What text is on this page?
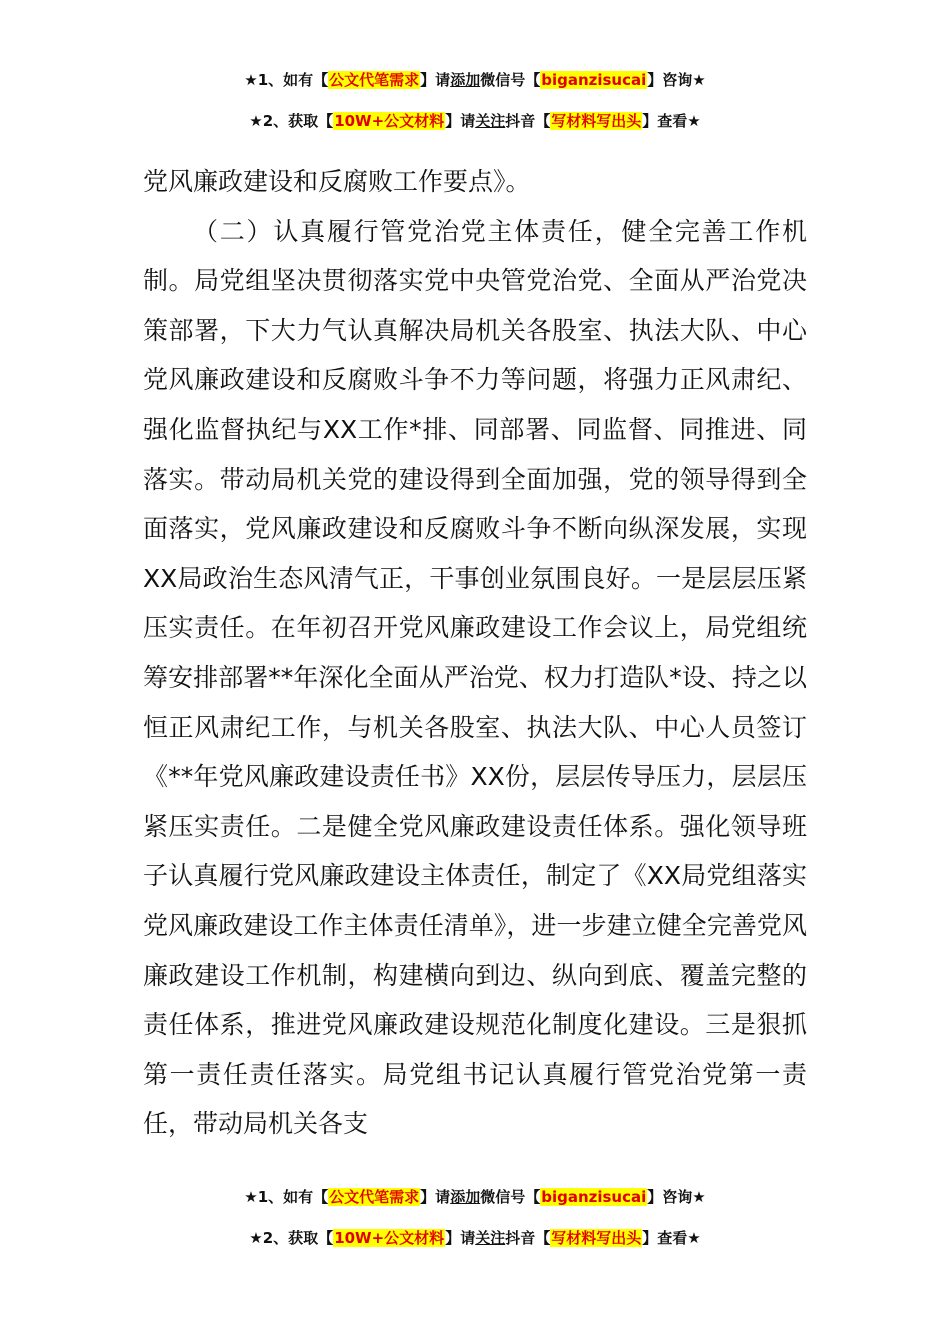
★1、如有【公文代笔需求】请添加微信号【biganzisucai】咨询★
★2、获取【10W+公文材料】请关注抖音【写材料写出头】查看★

党风廉政建设和反腐败工作要点》。

（二）认真履行管党治党主体责任，健全完善工作机制。局党组坚决贯彻落实党中央管党治党、全面从严治党决策部署，下大力气认真解决局机关各股室、执法大队、中心党风廉政建设和反腐败斗争不力等问题，将强力正风肃纪、强化监督执纪与XX工作*排、同部署、同监督、同推进、同落实。带动局机关党的建设得到全面加强，党的领导得到全面落实，党风廉政建设和反腐败斗争不断向纵深发展，实现XX局政治生态风清气正，干事创业氛围良好。一是层层压紧压实责任。在年初召开党风廉政建设工作会议上，局党组统筹安排部署**年深化全面从严治党、权力打造队*设、持之以恒正风肃纪工作，与机关各股室、执法大队、中心人员签订《**年党风廉政建设责任书》XX份，层层传导压力，层层压紧压实责任。二是健全党风廉政建设责任体系。强化领导班子认真履行党风廉政建设主体责任，制定了《XX局党组落实党风廉政建设工作主体责任清单》，进一步建立健全完善党风廉政建设工作机制，构建横向到边、纵向到底、覆盖完整的责任体系，推进党风廉政建设规范化制度化建设。三是狠抓第一责任责任落实。局党组书记认真履行管党治党第一责任，带动局机关各支

★1、如有【公文代笔需求】请添加微信号【biganzisucai】咨询★
★2、获取【10W+公文材料】请关注抖音【写材料写出头】查看★
